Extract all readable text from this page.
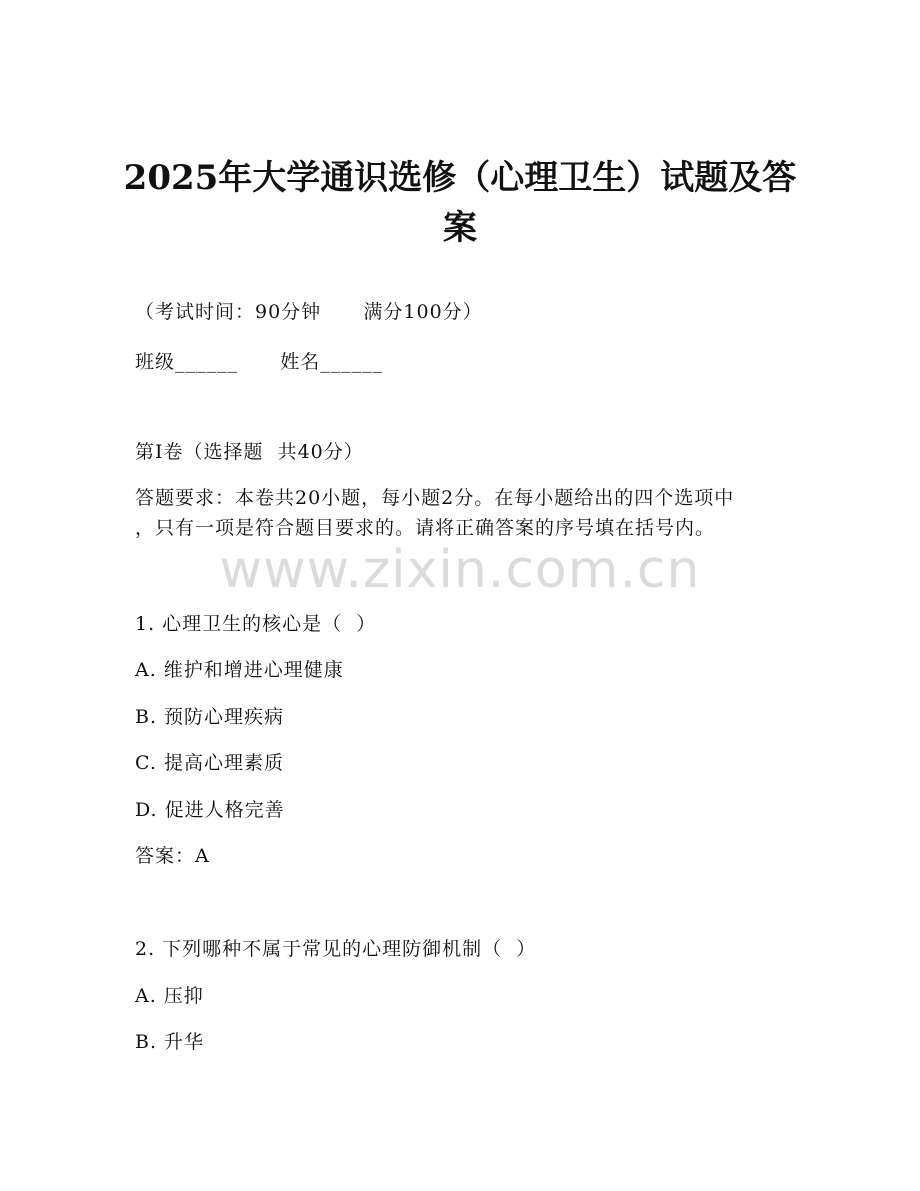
2025年大学通识选修（心理卫生）试题及答
案
（考试时间：90分钟      满分100分）
班级______      姓名______
第I卷（选择题  共40分）
答题要求：本卷共20小题，每小题2分。在每小题给出的四个选项中
，只有一项是符合题目要求的。请将正确答案的序号填在括号内。
www.zixin.com.cn
1. 心理卫生的核心是（  ）
A. 维护和增进心理健康
B. 预防心理疾病
C. 提高心理素质
D. 促进人格完善
答案：A
2. 下列哪种不属于常见的心理防御机制（  ）
A. 压抑
B. 升华
